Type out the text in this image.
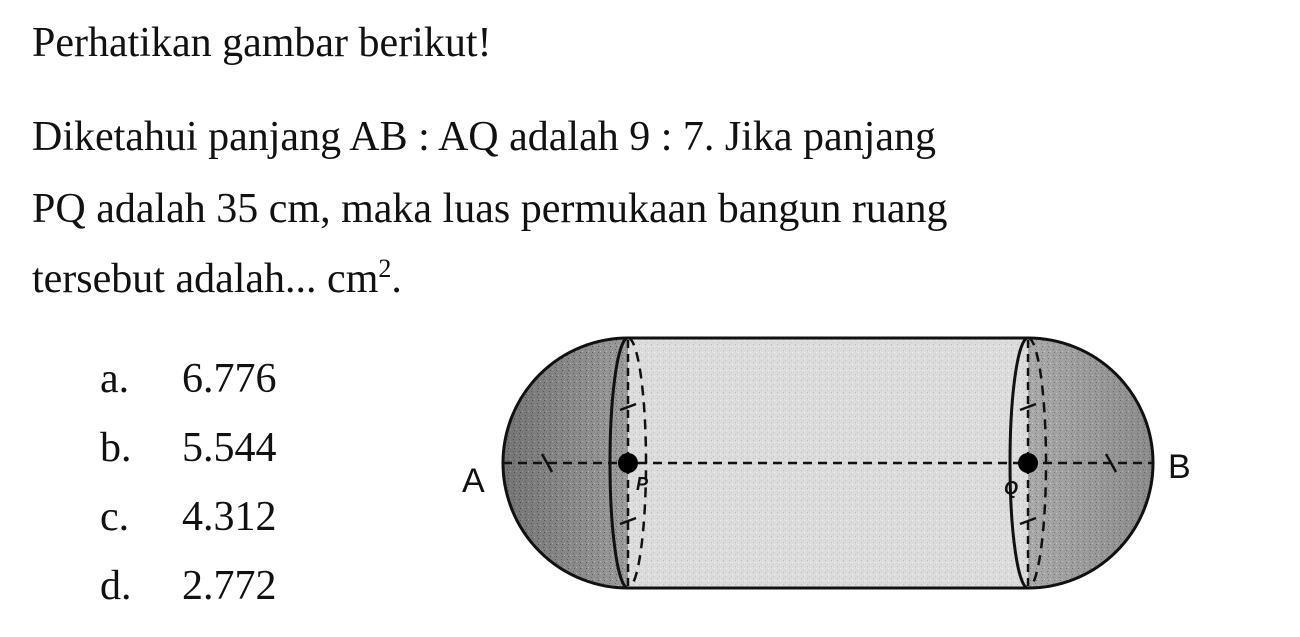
Perhatikan gambar berikut!
Diketahui panjang AB : AQ adalah 9 : 7. Jika panjang
PQ adalah 35 cm, maka luas permukaan bangun ruang
tersebut adalah... $cm^2$.
a.	6.776
b.	5.544
c.	4.312
d.	2.772
A	B
P	Q
